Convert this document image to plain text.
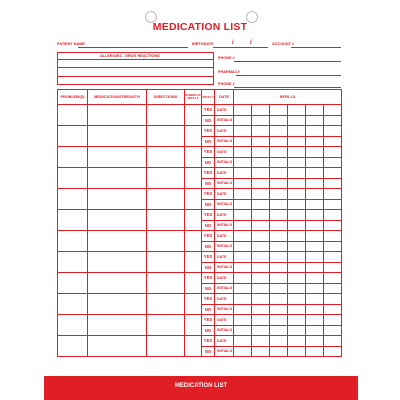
MEDICATION LIST
PATIENT NAME	BIRTHDATE	/	/	ACCOUNT #
ALLERGIES - DRUG REACTIONS
PHONE #
PHARMACY
PHONE #
PROBLEM(S)	MEDICATION/STRENGTH	DIRECTIONS	NUMBER OF REFILLS	REFILL?	DATE	REFILLS					
				YES	DATE						
				NO	INITIALS						
				YES	DATE						
				NO	INITIALS						
				YES	DATE						
				NO	INITIALS						
				YES	DATE						
				NO	INITIALS						
				YES	DATE						
				NO	INITIALS						
				YES	DATE						
				NO	INITIALS						
				YES	DATE						
				NO	INITIALS						
				YES	DATE						
				NO	INITIALS						
				YES	DATE						
				NO	INITIALS						
				YES	DATE						
				NO	INITIALS						
				YES	DATE						
				NO	INITIALS						
				YES	DATE						
				NO	INITIALS						
MEDICATION LIST
